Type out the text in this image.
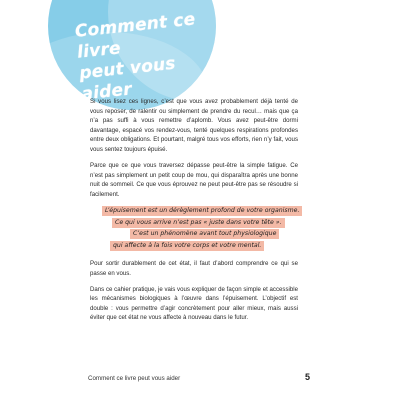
Comment ce livre
peut vous aider

Si vous lisez ces lignes, c’est que vous avez probablement déjà tenté de vous reposer, de ralentir ou simplement de prendre du recul… mais que ça n’a pas suffi à vous remettre d’aplomb. Vous avez peut-être dormi davantage, espacé vos rendez-vous, tenté quelques respirations profondes entre deux obligations. Et pourtant, malgré tous vos efforts, rien n’y fait, vous vous sentez toujours épuisé.

Parce que ce que vous traversez dépasse peut-être la simple fatigue. Ce n’est pas simplement un petit coup de mou, qui disparaîtra après une bonne nuit de sommeil. Ce que vous éprouvez ne peut peut-être pas se résoudre si facilement.

L’épuisement est un dérèglement profond de votre organisme.
Ce qui vous arrive n’est pas « juste dans votre tête ».
C’est un phénomène avant tout physiologique
qui affecte à la fois votre corps et votre mental.

Pour sortir durablement de cet état, il faut d’abord comprendre ce qui se passe en vous.

Dans ce cahier pratique, je vais vous expliquer de façon simple et accessible les mécanismes biologiques à l’œuvre dans l’épuisement. L’objectif est double : vous permettre d’agir concrètement pour aller mieux, mais aussi éviter que cet état ne vous affecte à nouveau dans le futur.

Comment ce livre peut vous aider	5
